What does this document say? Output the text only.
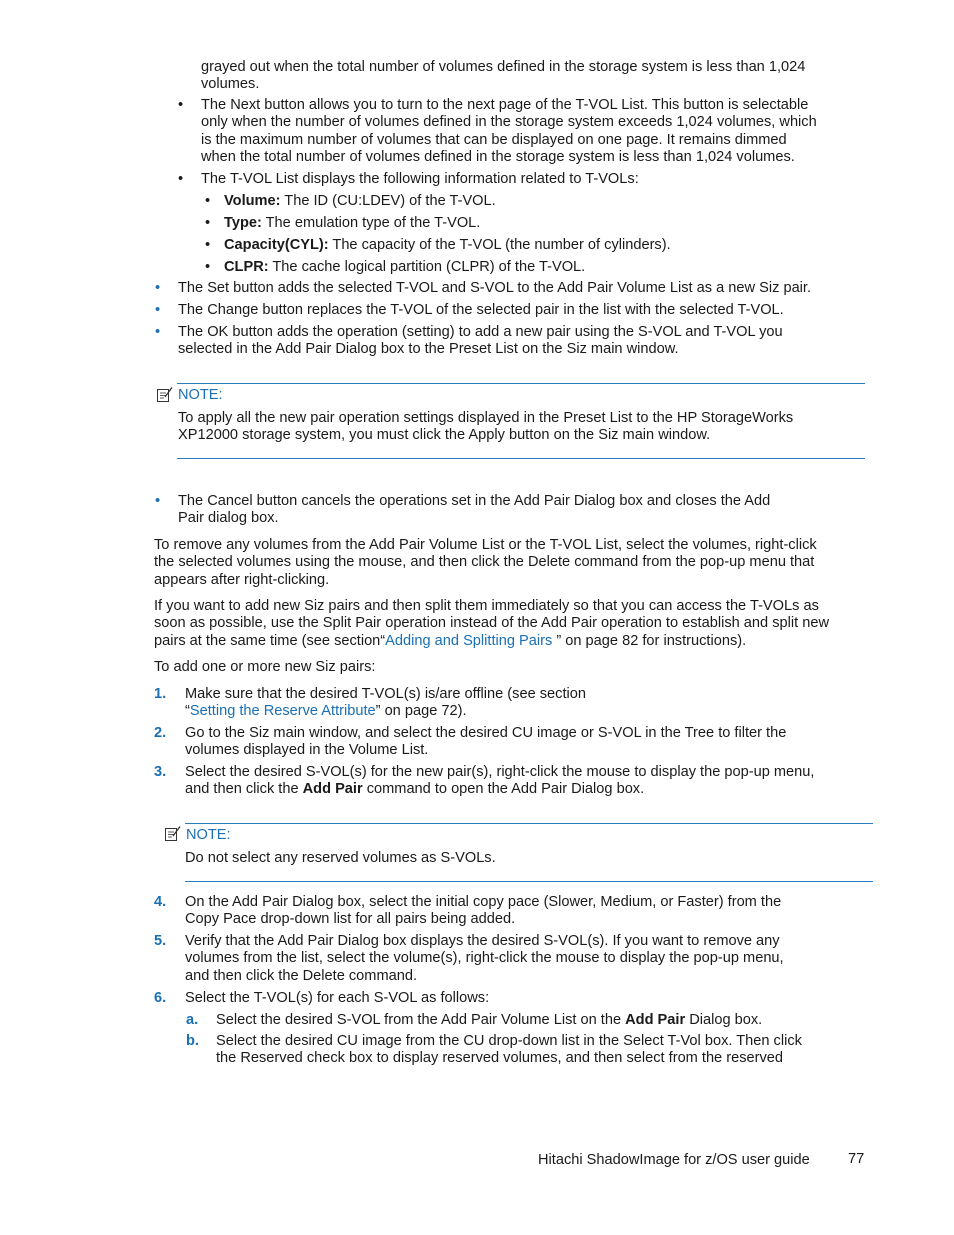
grayed out when the total number of volumes defined in the storage system is less than 1,024
volumes.
• The Next button allows you to turn to the next page of the T-VOL List. This button is selectable
only when the number of volumes defined in the storage system exceeds 1,024 volumes, which
is the maximum number of volumes that can be displayed on one page. It remains dimmed
when the total number of volumes defined in the storage system is less than 1,024 volumes.
• The T-VOL List displays the following information related to T-VOLs:
• Volume: The ID (CU:LDEV) of the T-VOL.
• Type: The emulation type of the T-VOL.
• Capacity(CYL): The capacity of the T-VOL (the number of cylinders).
• CLPR: The cache logical partition (CLPR) of the T-VOL.
• The Set button adds the selected T-VOL and S-VOL to the Add Pair Volume List as a new Siz pair.
• The Change button replaces the T-VOL of the selected pair in the list with the selected T-VOL.
• The OK button adds the operation (setting) to add a new pair using the S-VOL and T-VOL you
selected in the Add Pair Dialog box to the Preset List on the Siz main window.
NOTE:
To apply all the new pair operation settings displayed in the Preset List to the HP StorageWorks
XP12000 storage system, you must click the Apply button on the Siz main window.
• The Cancel button cancels the operations set in the Add Pair Dialog box and closes the Add
Pair dialog box.
To remove any volumes from the Add Pair Volume List or the T-VOL List, select the volumes, right-click
the selected volumes using the mouse, and then click the Delete command from the pop-up menu that
appears after right-clicking.
If you want to add new Siz pairs and then split them immediately so that you can access the T-VOLs as
soon as possible, use the Split Pair operation instead of the Add Pair operation to establish and split new
pairs at the same time (see section“Adding and Splitting Pairs ” on page 82 for instructions).
To add one or more new Siz pairs:
1. Make sure that the desired T-VOL(s) is/are offline (see section
“Setting the Reserve Attribute” on page 72).
2. Go to the Siz main window, and select the desired CU image or S-VOL in the Tree to filter the
volumes displayed in the Volume List.
3. Select the desired S-VOL(s) for the new pair(s), right-click the mouse to display the pop-up menu,
and then click the Add Pair command to open the Add Pair Dialog box.
NOTE:
Do not select any reserved volumes as S-VOLs.
4. On the Add Pair Dialog box, select the initial copy pace (Slower, Medium, or Faster) from the
Copy Pace drop-down list for all pairs being added.
5. Verify that the Add Pair Dialog box displays the desired S-VOL(s). If you want to remove any
volumes from the list, select the volume(s), right-click the mouse to display the pop-up menu,
and then click the Delete command.
6. Select the T-VOL(s) for each S-VOL as follows:
a. Select the desired S-VOL from the Add Pair Volume List on the Add Pair Dialog box.
b. Select the desired CU image from the CU drop-down list in the Select T-Vol box. Then click
the Reserved check box to display reserved volumes, and then select from the reserved
Hitachi ShadowImage for z/OS user guide	77
